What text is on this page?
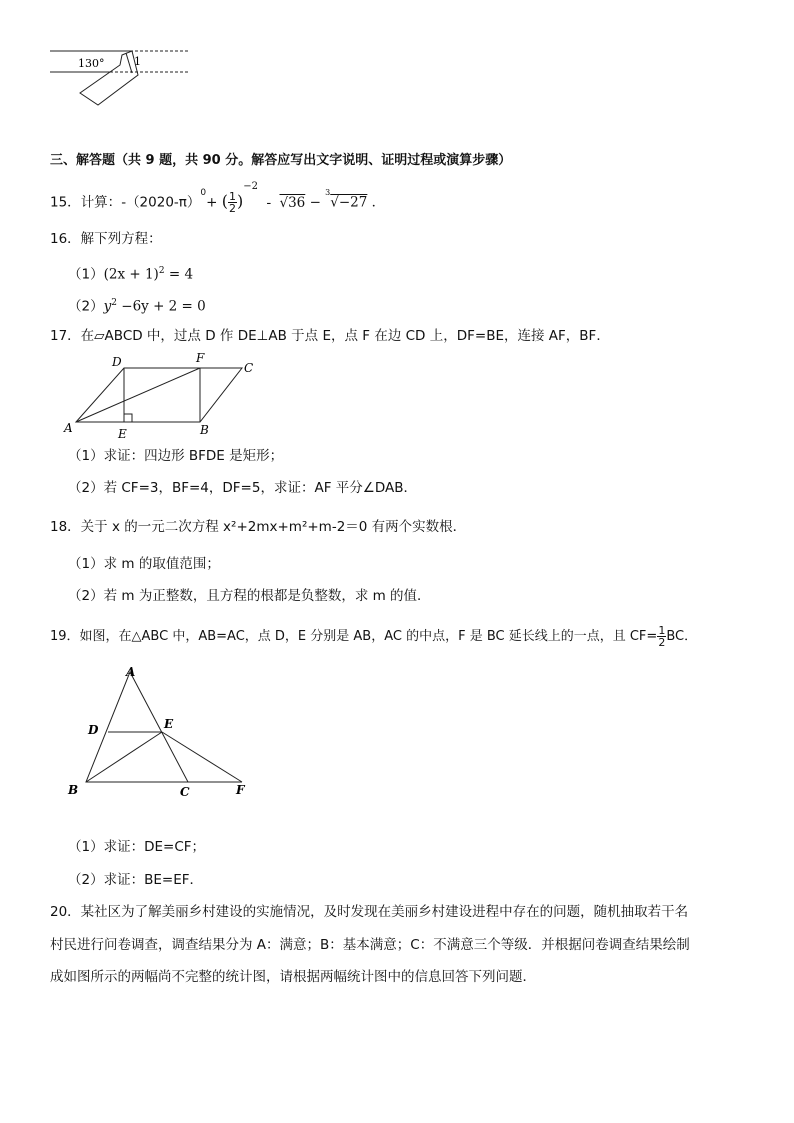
130°	1
三、解答题（共 9 题，共 90 分。解答应写出文字说明、证明过程或演算步骤）
15．计算：$-(2020-\pi)^0+$ ( $\frac{1}{2} )^{-2} - √36 - ^3√-27$ ．
16．解下列方程：
$(1)(2x + 1)^2 = 4$
$(2)y^2 -6y + 2 = 0$
17．在▱ABCD 中，过点 D 作 DE⊥AB 于点 E，点 F 在边 CD 上，DF=BE，连接 AF，BF．
A	B
C
D
E
F
（1）求证：四边形 BFDE 是矩形；
（2）若 CF=3，BF=4，DF=5，求证：AF 平分∠DAB．
18．关于 x 的一元二次方程 x²+2mx+m²+m-2＝0 有两个实数根．
（1）求 m 的取值范围；
（2）若 m 为正整数，且方程的根都是负整数，求 m 的值．
19．如图，在△ABC 中，AB=AC，点 D，E 分别是 AB，AC 的中点，F 是 BC 延长线上的一点，且 $CF= \frac{1}{2}$ BC．
A
D	E
B	C	F
（1）求证：DE=CF；
（2）求证：BE=EF．
20．某社区为了解美丽乡村建设的实施情况，及时发现在美丽乡村建设进程中存在的问题，随机抽取若干名
村民进行问卷调查，调查结果分为 A：满意；B：基本满意；C：不满意三个等级．并根据问卷调查结果绘制
成如图所示的两幅尚不完整的统计图，请根据两幅统计图中的信息回答下列问题．
